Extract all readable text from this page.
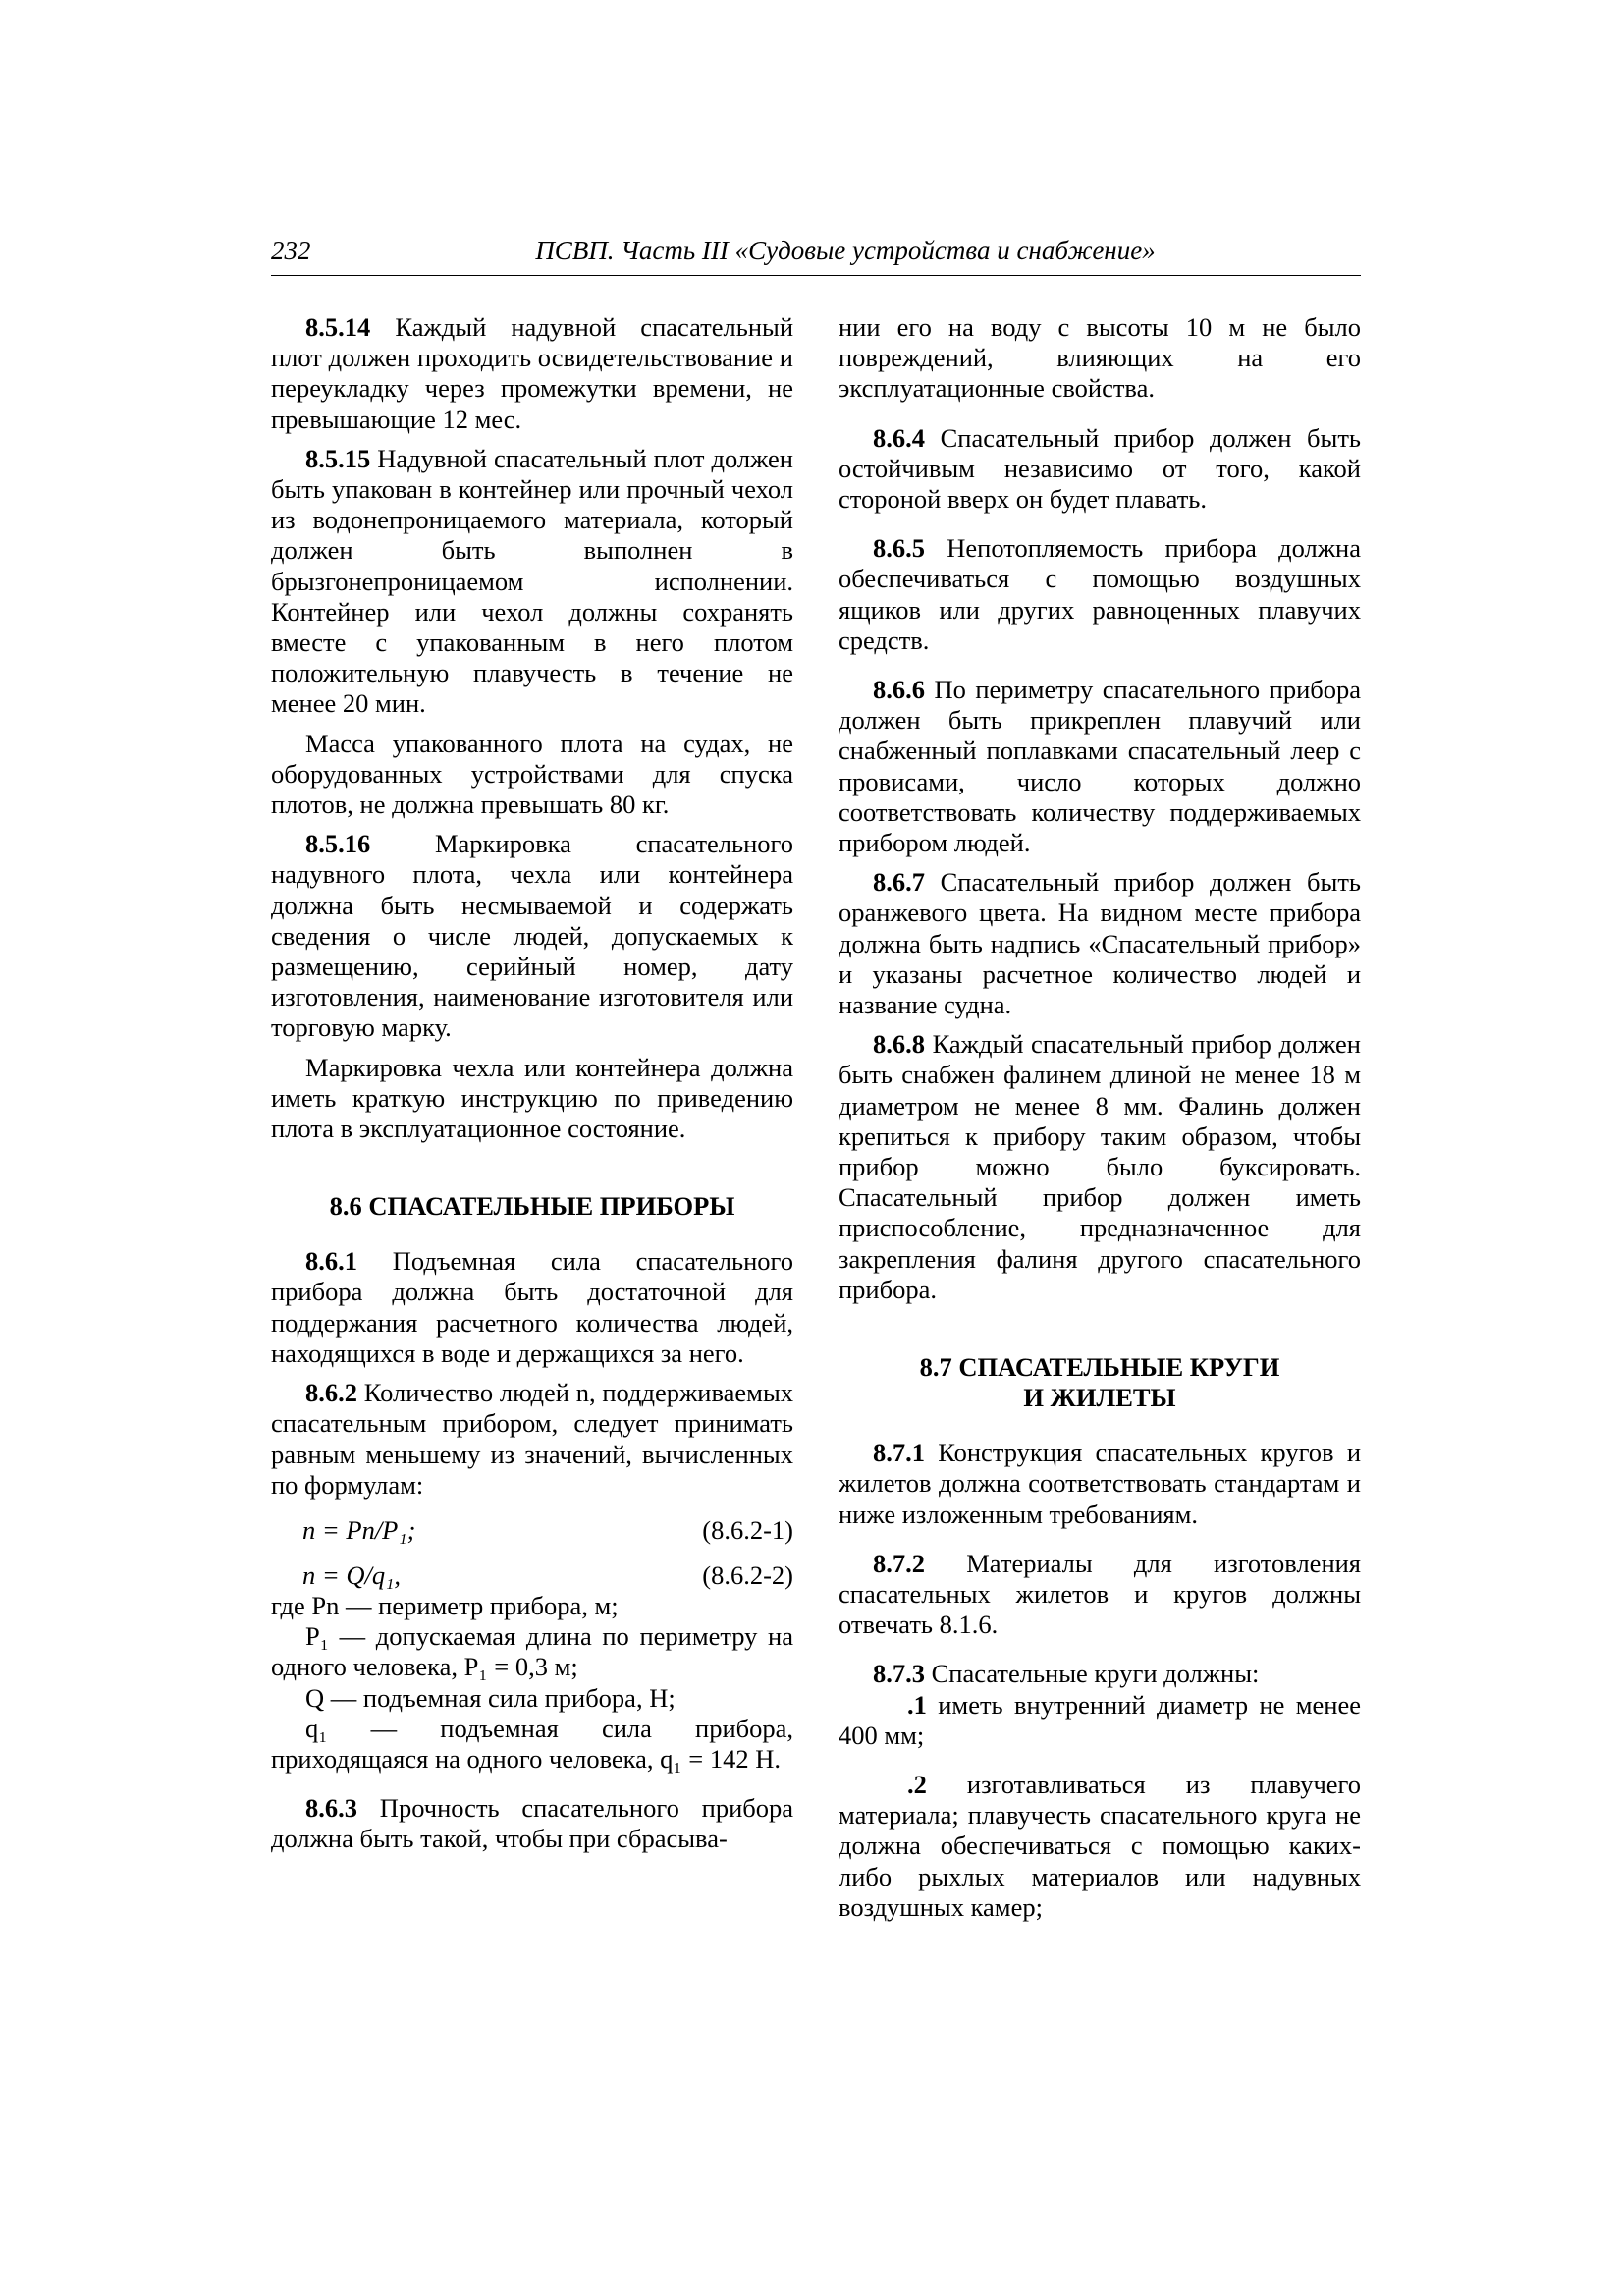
232	ПСВП. Часть III «Судовые устройства и снабжение»

8.5.14 Каждый надувной спасательный плот должен проходить освидетельствование и переукладку через промежутки времени, не превышающие 12 мес.

8.5.15 Надувной спасательный плот должен быть упакован в контейнер или прочный чехол из водонепроницаемого материала, который должен быть выполнен в брызгонепроницаемом исполнении. Контейнер или чехол должны сохранять вместе с упакованным в него плотом положительную плавучесть в течение не менее 20 мин.

Масса упакованного плота на судах, не оборудованных устройствами для спуска плотов, не должна превышать 80 кг.

8.5.16 Маркировка спасательного надувного плота, чехла или контейнера должна быть несмываемой и содержать сведения о числе людей, допускаемых к размещению, серийный номер, дату изготовления, наименование изготовителя или торговую марку.

Маркировка чехла или контейнера должна иметь краткую инструкцию по приведению плота в эксплуатационное состояние.

8.6 СПАСАТЕЛЬНЫЕ ПРИБОРЫ

8.6.1 Подъемная сила спасательного прибора должна быть достаточной для поддержания расчетного количества людей, находящихся в воде и держащихся за него.

8.6.2 Количество людей n, поддерживаемых спасательным прибором, следует принимать равным меньшему из значений, вычисленных по формулам:

n = Pn/P₁;	(8.6.2-1)
n = Q/q₁,	(8.6.2-2)

где Pn — периметр прибора, м;

P₁ — допускаемая длина по периметру на одного человека, P₁ = 0,3 м;

Q — подъемная сила прибора, Н;

q₁ — подъемная сила прибора, приходящаяся на одного человека, q₁ = 142 Н.

8.6.3 Прочность спасательного прибора должна быть такой, чтобы при сбрасыва-

нии его на воду с высоты 10 м не было повреждений, влияющих на его эксплуатационные свойства.

8.6.4 Спасательный прибор должен быть остойчивым независимо от того, какой стороной вверх он будет плавать.

8.6.5 Непотопляемость прибора должна обеспечиваться с помощью воздушных ящиков или других равноценных плавучих средств.

8.6.6 По периметру спасательного прибора должен быть прикреплен плавучий или снабженный поплавками спасательный леер с провисами, число которых должно соответствовать количеству поддерживаемых прибором людей.

8.6.7 Спасательный прибор должен быть оранжевого цвета. На видном месте прибора должна быть надпись «Спасательный прибор» и указаны расчетное количество людей и название судна.

8.6.8 Каждый спасательный прибор должен быть снабжен фалинем длиной не менее 18 м диаметром не менее 8 мм. Фалинь должен крепиться к прибору таким образом, чтобы прибор можно было буксировать. Спасательный прибор должен иметь приспособление, предназначенное для закрепления фалиня другого спасательного прибора.

8.7 СПАСАТЕЛЬНЫЕ КРУГИ
И ЖИЛЕТЫ

8.7.1 Конструкция спасательных кругов и жилетов должна соответствовать стандартам и ниже изложенным требованиям.

8.7.2 Материалы для изготовления спасательных жилетов и кругов должны отвечать 8.1.6.

8.7.3 Спасательные круги должны:

.1 иметь внутренний диаметр не менее 400 мм;

.2 изготавливаться из плавучего материала; плавучесть спасательного круга не должна обеспечиваться с помощью каких-либо рыхлых материалов или надувных воздушных камер;
